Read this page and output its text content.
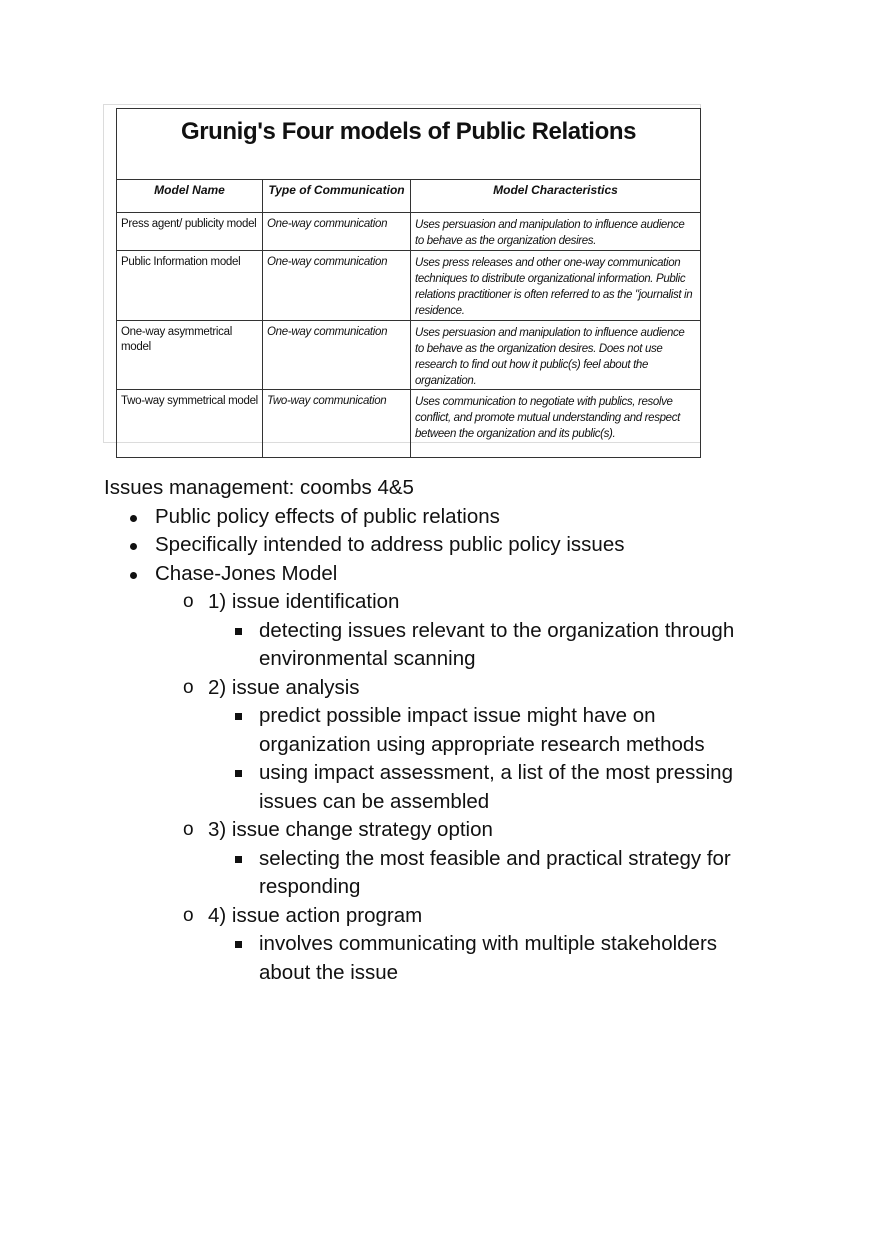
Grunig's Four models of Public Relations		
Model Name	Type of Communication	Model Characteristics
Press agent/ publicity model	One-way communication	Uses persuasion and manipulation to influence audience to behave as the organization desires.
Public Information model	One-way communication	Uses press releases and other one-way communication techniques to distribute organizational information. Public relations practitioner is often referred to as the "journalist in residence.
One-way asymmetrical model	One-way communication	Uses persuasion and manipulation to influence audience to behave as the organization desires. Does not use research to find out how it public(s) feel about the organization.
Two-way symmetrical model	Two-way communication	Uses communication to negotiate with publics, resolve conflict, and promote mutual understanding and respect between the organization and its public(s).

Issues management: coombs 4&5

Public policy effects of public relations
Specifically intended to address public policy issues
Chase-Jones Model
o 1) issue identification
detecting issues relevant to the organization through environmental scanning
o 2) issue analysis
predict possible impact issue might have on organization using appropriate research methods
using impact assessment, a list of the most pressing issues can be assembled
o 3) issue change strategy option
selecting the most feasible and practical strategy for responding
o 4) issue action program
involves communicating with multiple stakeholders about the issue
